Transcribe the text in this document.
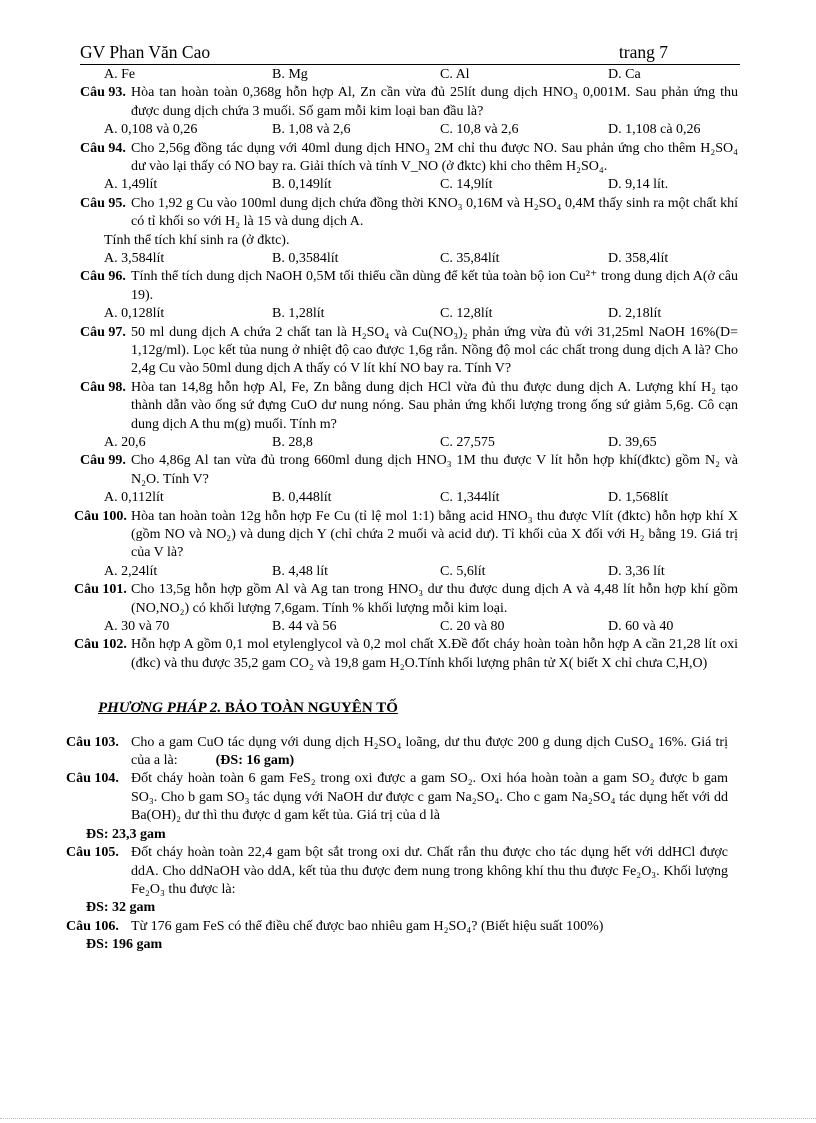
GV Phan Văn Cao	trang 7
A. Fe	B. Mg	C. Al	D. Ca
Câu 93. Hòa tan hoàn toàn 0,368g hỗn hợp Al, Zn cần vừa đủ 25lít dung dịch HNO₃ 0,001M. Sau phản ứng thu được dung dịch chứa 3 muối. Số gam mỗi kim loại ban đầu là?
A. 0,108 và 0,26	B. 1,08 và 2,6	C. 10,8 và 2,6	D. 1,108 cà 0,26
Câu 94. Cho 2,56g đồng tác dụng với 40ml dung dịch HNO₃ 2M chỉ thu được NO. Sau phản ứng cho thêm H₂SO₄ dư vào lại thấy có NO bay ra. Giải thích và tính V_NO (ở đktc) khi cho thêm H₂SO₄.
A. 1,49lít	B. 0,149lít	C. 14,9lít	D. 9,14 lít.
Câu 95. Cho 1,92 g Cu vào 100ml dung dịch chứa đồng thời KNO₃ 0,16M và H₂SO₄ 0,4M thấy sinh ra một chất khí có tỉ khối so với H₂ là 15 và dung dịch A.
Tính thể tích khí sinh ra (ở đktc).
A. 3,584lít	B. 0,3584lít	C. 35,84lít	D. 358,4lít
Câu 96. Tính thể tích dung dịch NaOH 0,5M tối thiểu cần dùng để kết tủa toàn bộ ion Cu²⁺ trong dung dịch A(ở câu 19).
A. 0,128lít	B. 1,28lít	C. 12,8lít	D. 2,18lít
Câu 97. 50 ml dung dịch A chứa 2 chất tan là H₂SO₄ và Cu(NO₃)₂ phản ứng vừa đủ với 31,25ml NaOH 16%(D= 1,12g/ml). Lọc kết tủa nung ở nhiệt độ cao được 1,6g rắn. Nồng độ mol các chất trong dung dịch A là? Cho 2,4g Cu vào 50ml dung dịch A thấy có V lít khí NO bay ra. Tính V?
Câu 98. Hòa tan 14,8g hỗn hợp Al, Fe, Zn bằng dung dịch HCl vừa đủ thu được dung dịch A. Lượng khí H₂ tạo thành dẫn vào ống sứ đựng CuO dư nung nóng. Sau phản ứng khối lượng trong ống sứ giảm 5,6g. Cô cạn dung dịch A thu m(g) muối. Tính m?
A. 20,6	B. 28,8	C. 27,575	D. 39,65
Câu 99. Cho 4,86g Al tan vừa đủ trong 660ml dung dịch HNO₃ 1M thu được V lít hỗn hợp khí(đktc) gồm N₂ và N₂O. Tính V?
A. 0,112lít	B. 0,448lít	C. 1,344lít	D. 1,568lít
Câu 100. Hòa tan hoàn toàn 12g hỗn hợp Fe Cu (tỉ lệ mol 1:1) bằng acid HNO₃ thu được Vlít (đktc) hỗn hợp khí X (gồm NO và NO₂) và dung dịch Y (chỉ chứa 2 muối và acid dư). Tỉ khối của X đối với H₂ bằng 19. Giá trị của V là?
A. 2,24lít	B. 4,48 lít	C. 5,6lít	D. 3,36 lít
Câu 101. Cho 13,5g hỗn hợp gồm Al và Ag tan trong HNO₃ dư thu được dung dịch A và 4,48 lít hỗn hợp khí gồm (NO,NO₂) có khối lượng 7,6gam. Tính % khối lượng mỗi kim loại.
A. 30 và 70	B. 44 và 56	C. 20 và 80	D. 60 và 40
Câu 102. Hỗn hợp A gồm 0,1 mol etylenglycol và 0,2 mol chất X.Đề đốt cháy hoàn toàn hỗn hợp A cần 21,28 lít oxi (đkc) và thu được 35,2 gam CO₂ và 19,8 gam H₂O.Tính khối lượng phân tử X( biết X chỉ chưa C,H,O)
PHƯƠNG PHÁP 2. BẢO TOÀN NGUYÊN TỐ
Câu 103. Cho a gam CuO tác dụng với dung dịch H₂SO₄ loãng, dư thu được 200 g dung dịch CuSO₄ 16%. Giá trị của a là:	(ĐS: 16 gam)
Câu 104. Đốt cháy hoàn toàn 6 gam FeS₂ trong oxi được a gam SO₂. Oxi hóa hoàn toàn a gam SO₂ được b gam SO₃. Cho b gam SO₃ tác dụng với NaOH dư được c gam Na₂SO₄. Cho c gam Na₂SO₄ tác dụng hết với dd Ba(OH)₂ dư thì thu được d gam kết tủa. Giá trị của d là
ĐS: 23,3 gam
Câu 105. Đốt cháy hoàn toàn 22,4 gam bột sắt trong oxi dư. Chất rắn thu được cho tác dụng hết với ddHCl được ddA. Cho ddNaOH vào ddA, kết tủa thu được đem nung trong không khí thu thu được Fe₂O₃. Khối lượng Fe₂O₃ thu được là:
ĐS: 32 gam
Câu 106. Từ 176 gam FeS có thể điều chế được bao nhiêu gam H₂SO₄? (Biết hiệu suất 100%)
ĐS: 196 gam
